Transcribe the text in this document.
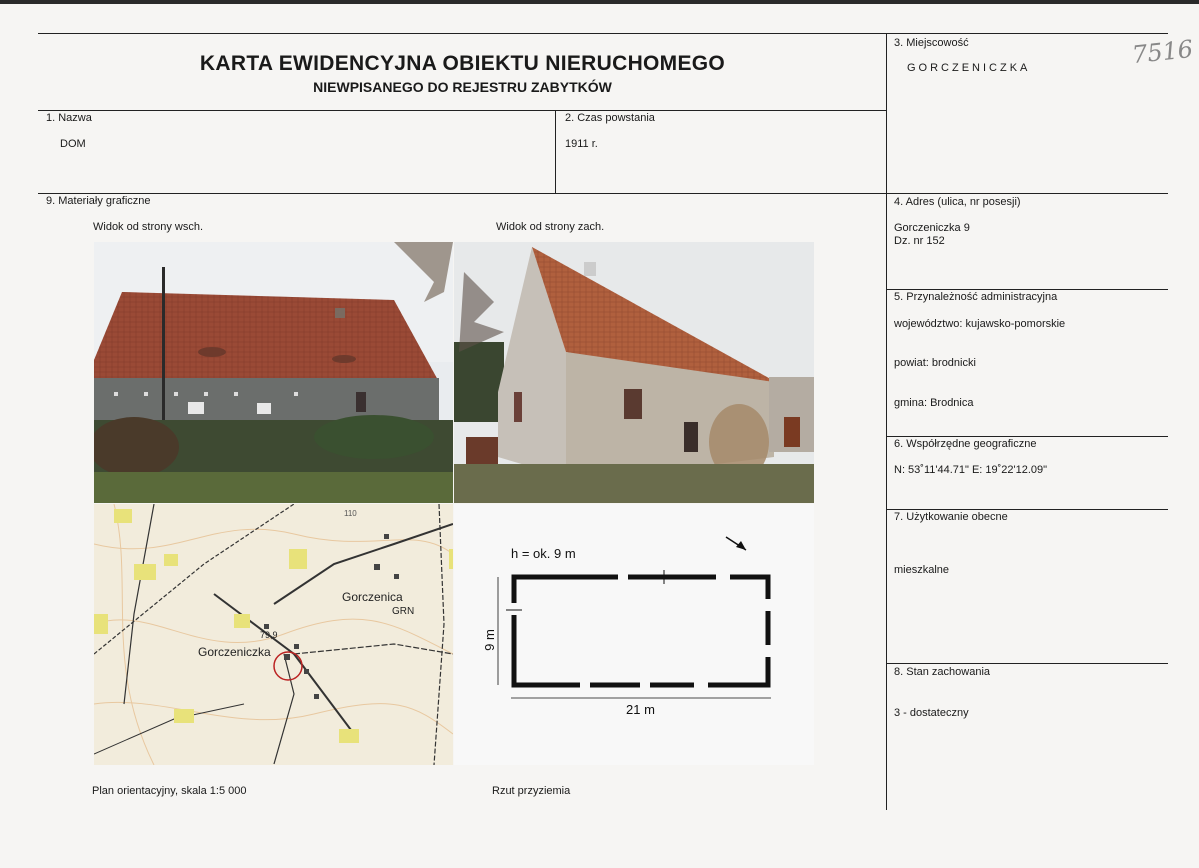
KARTA EWIDENCYJNA OBIEKTU NIERUCHOMEGO
NIEWPISANEGO DO REJESTRU ZABYTKÓW
7516
3. Miejscowość
GORCZENICZKA
1. Nazwa
DOM
2. Czas powstania
1911 r.
9. Materiały graficzne	4. Adres (ulica, nr posesji)
Gorczeniczka 9
Dz. nr 152
5. Przynależność administracyjna
województwo: kujawsko-pomorskie
powiat: brodnicki
gmina: Brodnica
6. Współrzędne geograficzne
N: 53˚11'44.71" E: 19˚22'12.09"
7. Użytkowanie obecne
mieszkalne
8. Stan zachowania
3 - dostateczny
Widok od strony wsch.	Widok od strony zach.
Plan orientacyjny, skala 1:5 000	Rzut przyziemia
Gorczenica
GRN
Gorczeniczka
79,9
110
h = ok. 9 m
21 m
9 m
